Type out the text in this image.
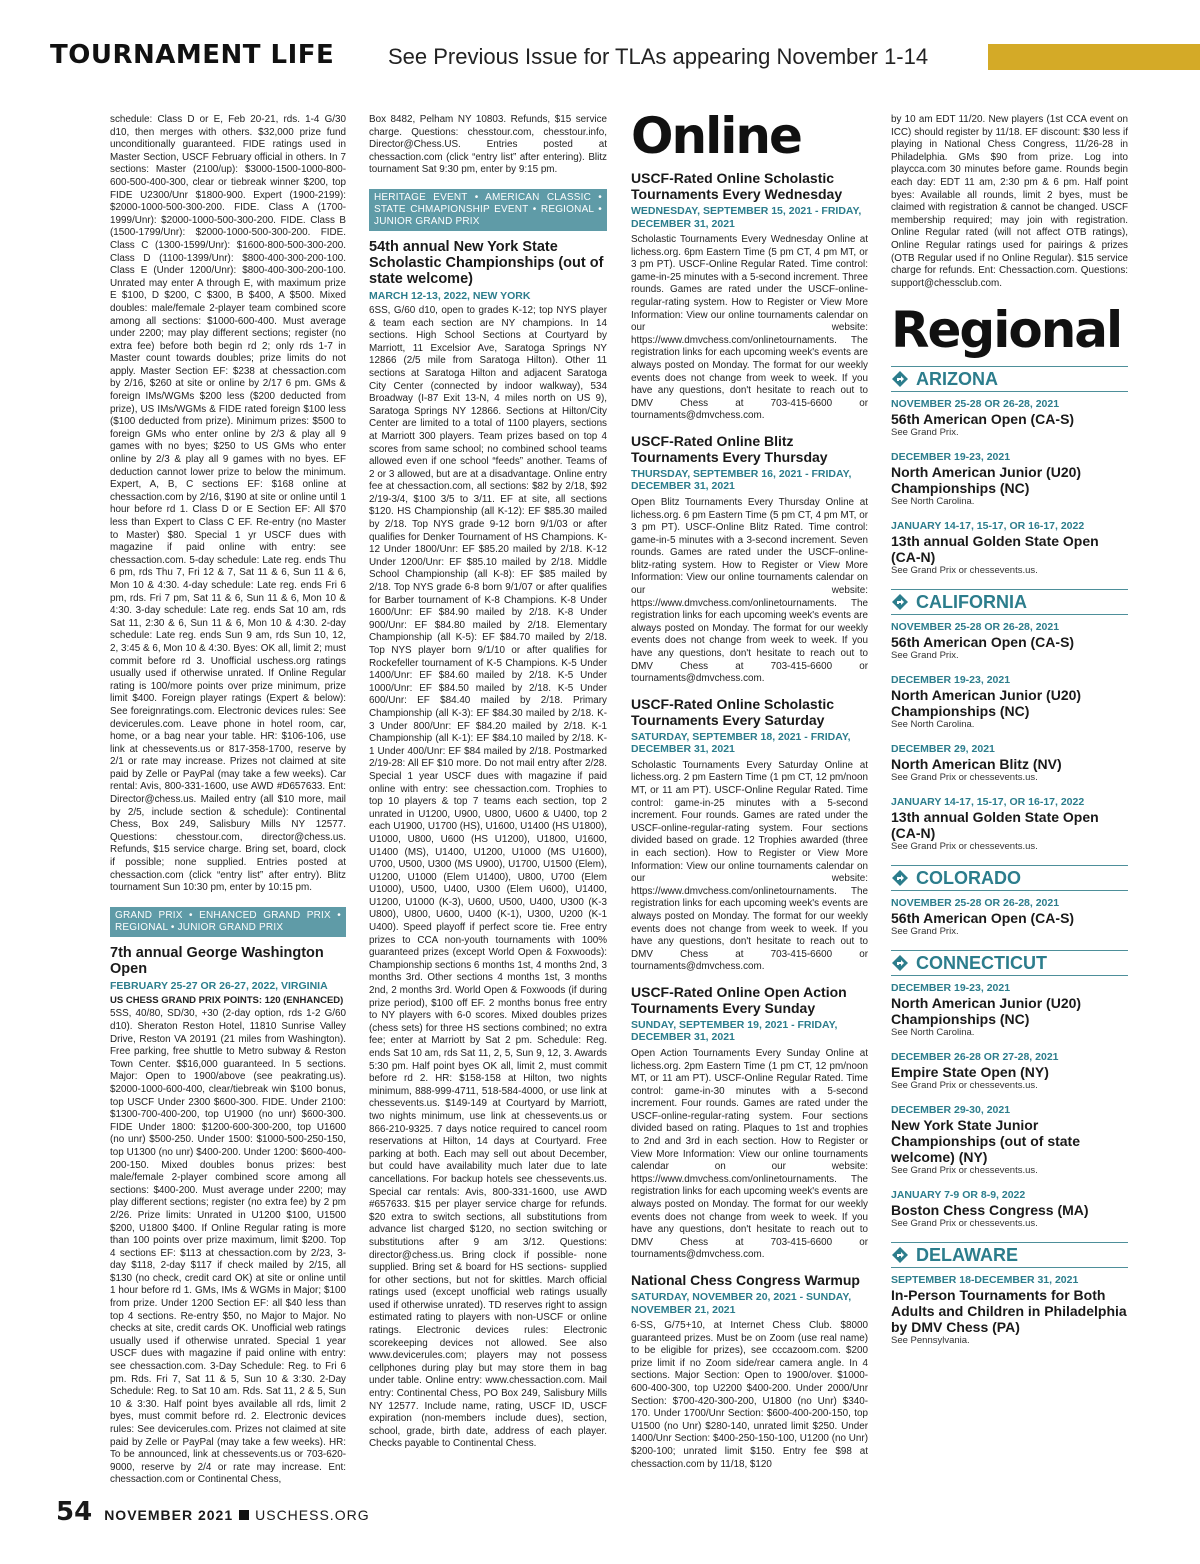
TOURNAMENT LIFE See Previous Issue for TLAs appearing November 1-14
schedule: Class D or E, Feb 20-21, rds. 1-4 G/30 d10, then merges with others. $32,000 prize fund unconditionally guaranteed. FIDE ratings used in Master Section, USCF February official in others. In 7 sections: Master (2100/up): $3000-1500-1000-800-600-500-400-300, clear or tiebreak winner $200, top FIDE U2300/Unr $1800-900. Expert (1900-2199): $2000-1000-500-300-200. FIDE. Class A (1700-1999/Unr): $2000-1000-500-300-200. FIDE. Class B (1500-1799/Unr): $2000-1000-500-300-200. FIDE. Class C (1300-1599/Unr): $1600-800-500-300-200. Class D (1100-1399/Unr): $800-400-300-200-100. Class E (Under 1200/Unr): $800-400-300-200-100. Unrated may enter A through E, with maximum prize E $100, D $200, C $300, B $400, A $500. Mixed doubles: male/female 2-player team combined score among all sections: $1000-600-400. Must average under 2200; may play different sections; register (no extra fee) before both begin rd 2; only rds 1-7 in Master count towards doubles; prize limits do not apply. Master Section EF: $238 at chessaction.com by 2/16, $260 at site or online by 2/17 6 pm. GMs & foreign IMs/WGMs $200 less ($200 deducted from prize), US IMs/WGMs & FIDE rated foreign $100 less ($100 deducted from prize). Minimum prizes: $500 to foreign GMs who enter online by 2/3 & play all 9 games with no byes; $250 to US GMs who enter online by 2/3 & play all 9 games with no byes. EF deduction cannot lower prize to below the minimum. Expert, A, B, C sections EF: $168 online at chessaction.com by 2/16, $190 at site or online until 1 hour before rd 1. Class D or E Section EF: All $70 less than Expert to Class C EF. Re-entry (no Master to Master) $80. Special 1 yr USCF dues with magazine if paid online with entry: see chessaction.com. 5-day schedule: Late reg. ends Thu 6 pm, rds Thu 7, Fri 12 & 7, Sat 11 & 6, Sun 11 & 6, Mon 10 & 4:30. 4-day schedule: Late reg. ends Fri 6 pm, rds. Fri 7 pm, Sat 11 & 6, Sun 11 & 6, Mon 10 & 4:30. 3-day schedule: Late reg. ends Sat 10 am, rds Sat 11, 2:30 & 6, Sun 11 & 6, Mon 10 & 4:30. 2-day schedule: Late reg. ends Sun 9 am, rds Sun 10, 12, 2, 3:45 & 6, Mon 10 & 4:30. Byes: OK all, limit 2; must commit before rd 3. Unofficial uschess.org ratings usually used if otherwise unrated. If Online Regular rating is 100/more points over prize minimum, prize limit $400. Foreign player ratings (Expert & below): See foreignratings.com. Electronic devices rules: See devicerules.com. Leave phone in hotel room, car, home, or a bag near your table. HR: $106-106, use link at chessevents.us or 817-358-1700, reserve by 2/1 or rate may increase. Prizes not claimed at site paid by Zelle or PayPal (may take a few weeks). Car rental: Avis, 800-331-1600, use AWD #D657633. Ent: Director@chess.us. Mailed entry (all $10 more, mail by 2/5, include section & schedule): Continental Chess, Box 249, Salisbury Mills NY 12577. Questions: chesstour.com, director@chess.us. Refunds, $15 service charge. Bring set, board, clock if possible; none supplied. Entries posted at chessaction.com (click “entry list” after entry). Blitz tournament Sun 10:30 pm, enter by 10:15 pm.
GRAND PRIX • ENHANCED GRAND PRIX • REGIONAL • JUNIOR GRAND PRIX
7th annual George Washington Open
FEBRUARY 25-27 OR 26-27, 2022, VIRGINIA
US CHESS GRAND PRIX POINTS: 120 (ENHANCED)
5SS, 40/80, SD/30, +30 (2-day option, rds 1-2 G/60 d10). Sheraton Reston Hotel, 11810 Sunrise Valley Drive, Reston VA 20191 (21 miles from Washington). Free parking, free shuttle to Metro subway & Reston Town Center. $$16,000 guaranteed. In 5 sections. Major: Open to 1900/above (see peakrating.us). $2000-1000-600-400, clear/tiebreak win $100 bonus, top USCF Under 2300 $600-300. FIDE. Under 2100: $1300-700-400-200, top U1900 (no unr) $600-300. FIDE Under 1800: $1200-600-300-200, top U1600 (no unr) $500-250. Under 1500: $1000-500-250-150, top U1300 (no unr) $400-200. Under 1200: $600-400-200-150. Mixed doubles bonus prizes: best male/female 2-player combined score among all sections: $400-200. Must average under 2200; may play different sections; register (no extra fee) by 2 pm 2/26. Prize limits: Unrated in U1200 $100, U1500 $200, U1800 $400. If Online Regular rating is more than 100 points over prize maximum, limit $200. Top 4 sections EF: $113 at chessaction.com by 2/23, 3-day $118, 2-day $117 if check mailed by 2/15, all $130 (no check, credit card OK) at site or online until 1 hour before rd 1. GMs, IMs & WGMs in Major; $100 from prize. Under 1200 Section EF: all $40 less than top 4 sections. Re-entry $50, no Major to Major. No checks at site, credit cards OK. Unofficial web ratings usually used if otherwise unrated. Special 1 year USCF dues with magazine if paid online with entry: see chessaction.com. 3-Day Schedule: Reg. to Fri 6 pm. Rds. Fri 7, Sat 11 & 5, Sun 10 & 3:30. 2-Day Schedule: Reg. to Sat 10 am. Rds. Sat 11, 2 & 5, Sun 10 & 3:30. Half point byes available all rds, limit 2 byes, must commit before rd. 2. Electronic devices rules: See devicerules.com. Prizes not claimed at site paid by Zelle or PayPal (may take a few weeks). HR: To be announced, link at chessevents.us or 703-620-9000, reserve by 2/4 or rate may increase. Ent: chessaction.com or Continental Chess,
Box 8482, Pelham NY 10803. Refunds, $15 service charge. Questions: chesstour.com, chesstour.info, Director@Chess.US. Entries posted at chessaction.com (click “entry list” after entering). Blitz tournament Sat 9:30 pm, enter by 9:15 pm.
HERITAGE EVENT • AMERICAN CLASSIC • STATE CHMAPIONSHIP EVENT • REGIONAL • JUNIOR GRAND PRIX
54th annual New York State Scholastic Championships (out of state welcome)
MARCH 12-13, 2022, NEW YORK
6SS, G/60 d10, open to grades K-12; top NYS player & team each section are NY champions. In 14 sections. High School Sections at Courtyard by Marriott, 11 Excelsior Ave, Saratoga Springs NY 12866 (2/5 mile from Saratoga Hilton). Other 11 sections at Saratoga Hilton and adjacent Saratoga City Center (connected by indoor walkway), 534 Broadway (I-87 Exit 13-N, 4 miles north on US 9), Saratoga Springs NY 12866. Sections at Hilton/City Center are limited to a total of 1100 players, sections at Marriott 300 players. Team prizes based on top 4 scores from same school; no combined school teams allowed even if one school “feeds” another. Teams of 2 or 3 allowed, but are at a disadvantage. Online entry fee at chessaction.com, all sections: $82 by 2/18, $92 2/19-3/4, $100 3/5 to 3/11. EF at site, all sections $120. HS Championship (all K-12): EF $85.30 mailed by 2/18. Top NYS grade 9-12 born 9/1/03 or after qualifies for Denker Tournament of HS Champions. K-12 Under 1800/Unr: EF $85.20 mailed by 2/18. K-12 Under 1200/Unr: EF $85.10 mailed by 2/18. Middle School Championship (all K-8): EF $85 mailed by 2/18. Top NYS grade 6-8 born 9/1/07 or after qualifies for Barber tournament of K-8 Champions. K-8 Under 1600/Unr: EF $84.90 mailed by 2/18. K-8 Under 900/Unr: EF $84.80 mailed by 2/18. Elementary Championship (all K-5): EF $84.70 mailed by 2/18. Top NYS player born 9/1/10 or after qualifies for Rockefeller tournament of K-5 Champions. K-5 Under 1400/Unr: EF $84.60 mailed by 2/18. K-5 Under 1000/Unr: EF $84.50 mailed by 2/18. K-5 Under 600/Unr: EF $84.40 mailed by 2/18. Primary Championship (all K-3): EF $84.30 mailed by 2/18. K-3 Under 800/Unr: EF $84.20 mailed by 2/18. K-1 Championship (all K-1): EF $84.10 mailed by 2/18. K-1 Under 400/Unr: EF $84 mailed by 2/18. Postmarked 2/19-28: All EF $10 more. Do not mail entry after 2/28. Special 1 year USCF dues with magazine if paid online with entry: see chessaction.com. Trophies to top 10 players & top 7 teams each section, top 2 unrated in U1200, U900, U800, U600 & U400, top 2 each U1900, U1700 (HS), U1600, U1400 (HS U1800), U1000, U800, U600 (HS U1200), U1800, U1600, U1400 (MS), U1400, U1200, U1000 (MS U1600), U700, U500, U300 (MS U900), U1700, U1500 (Elem), U1200, U1000 (Elem U1400), U800, U700 (Elem U1000), U500, U400, U300 (Elem U600), U1400, U1200, U1000 (K-3), U600, U500, U400, U300 (K-3 U800), U800, U600, U400 (K-1), U300, U200 (K-1 U400). Speed playoff if perfect score tie. Free entry prizes to CCA non-youth tournaments with 100% guaranteed prizes (except World Open & Foxwoods): Championship sections 6 months 1st, 4 months 2nd, 3 months 3rd. Other sections 4 months 1st, 3 months 2nd, 2 months 3rd. World Open & Foxwoods (if during prize period), $100 off EF. 2 months bonus free entry to NY players with 6-0 scores. Mixed doubles prizes (chess sets) for three HS sections combined; no extra fee; enter at Marriott by Sat 2 pm. Schedule: Reg. ends Sat 10 am, rds Sat 11, 2, 5, Sun 9, 12, 3. Awards 5:30 pm. Half point byes OK all, limit 2, must commit before rd 2. HR: $158-158 at Hilton, two nights minimum, 888-999-4711, 518-584-4000, or use link at chessevents.us. $149-149 at Courtyard by Marriott, two nights minimum, use link at chessevents.us or 866-210-9325. 7 days notice required to cancel room reservations at Hilton, 14 days at Courtyard. Free parking at both. Each may sell out about December, but could have availability much later due to late cancellations. For backup hotels see chessevents.us. Special car rentals: Avis, 800-331-1600, use AWD #657633. $15 per player service charge for refunds. $20 extra to switch sections, all substitutions from advance list charged $120, no section switching or substitutions after 9 am 3/12. Questions: director@chess.us. Bring clock if possible- none supplied. Bring set & board for HS sections- supplied for other sections, but not for skittles. March official ratings used (except unofficial web ratings usually used if otherwise unrated). TD reserves right to assign estimated rating to players with non-USCF or online ratings. Electronic devices rules: Electronic scorekeeping devices not allowed. See also www.devicerules.com; players may not possess cellphones during play but may store them in bag under table. Online entry: www.chessaction.com. Mail entry: Continental Chess, PO Box 249, Salisbury Mills NY 12577. Include name, rating, USCF ID, USCF expiration (non-members include dues), section, school, grade, birth date, address of each player. Checks payable to Continental Chess.
Online
USCF-Rated Online Scholastic Tournaments Every Wednesday
WEDNESDAY, SEPTEMBER 15, 2021 - FRIDAY, DECEMBER 31, 2021
Scholastic Tournaments Every Wednesday Online at lichess.org. 6pm Eastern Time (5 pm CT, 4 pm MT, or 3 pm PT). USCF-Online Regular Rated. Time control: game-in-25 minutes with a 5-second increment. Three rounds. Games are rated under the USCF-online-regular-rating system. How to Register or View More Information: View our online tournaments calendar on our website: https://www.dmvchess.com/onlinetournaments. The registration links for each upcoming week's events are always posted on Monday. The format for our weekly events does not change from week to week. If you have any questions, don't hesitate to reach out to DMV Chess at 703-415-6600 or tournaments@dmvchess.com.
USCF-Rated Online Blitz Tournaments Every Thursday
THURSDAY, SEPTEMBER 16, 2021 - FRIDAY, DECEMBER 31, 2021
Open Blitz Tournaments Every Thursday Online at lichess.org. 6 pm Eastern Time (5 pm CT, 4 pm MT, or 3 pm PT). USCF-Online Blitz Rated. Time control: game-in-5 minutes with a 3-second increment. Seven rounds. Games are rated under the USCF-online-blitz-rating system. How to Register or View More Information: View our online tournaments calendar on our website: https://www.dmvchess.com/onlinetournaments. The registration links for each upcoming week's events are always posted on Monday. The format for our weekly events does not change from week to week. If you have any questions, don't hesitate to reach out to DMV Chess at 703-415-6600 or tournaments@dmvchess.com.
USCF-Rated Online Scholastic Tournaments Every Saturday
SATURDAY, SEPTEMBER 18, 2021 - FRIDAY, DECEMBER 31, 2021
Scholastic Tournaments Every Saturday Online at lichess.org. 2 pm Eastern Time (1 pm CT, 12 pm/noon MT, or 11 am PT). USCF-Online Regular Rated. Time control: game-in-25 minutes with a 5-second increment. Four rounds. Games are rated under the USCF-online-regular-rating system. Four sections divided based on grade. 12 Trophies awarded (three in each section). How to Register or View More Information: View our online tournaments calendar on our website: https://www.dmvchess.com/onlinetournaments. The registration links for each upcoming week's events are always posted on Monday. The format for our weekly events does not change from week to week. If you have any questions, don't hesitate to reach out to DMV Chess at 703-415-6600 or tournaments@dmvchess.com.
USCF-Rated Online Open Action Tournaments Every Sunday
SUNDAY, SEPTEMBER 19, 2021 - FRIDAY, DECEMBER 31, 2021
Open Action Tournaments Every Sunday Online at lichess.org. 2pm Eastern Time (1 pm CT, 12 pm/noon MT, or 11 am PT). USCF-Online Regular Rated. Time control: game-in-30 minutes with a 5-second increment. Four rounds. Games are rated under the USCF-online-regular-rating system. Four sections divided based on rating. Plaques to 1st and trophies to 2nd and 3rd in each section. How to Register or View More Information: View our online tournaments calendar on our website: https://www.dmvchess.com/onlinetournaments. The registration links for each upcoming week's events are always posted on Monday. The format for our weekly events does not change from week to week. If you have any questions, don't hesitate to reach out to DMV Chess at 703-415-6600 or tournaments@dmvchess.com.
National Chess Congress Warmup
SATURDAY, NOVEMBER 20, 2021 - SUNDAY, NOVEMBER 21, 2021
6-SS, G/75+10, at Internet Chess Club. $8000 guaranteed prizes. Must be on Zoom (use real name) to be eligible for prizes), see cccazoom.com. $200 prize limit if no Zoom side/rear camera angle. In 4 sections. Major Section: Open to 1900/over. $1000-600-400-300, top U2200 $400-200. Under 2000/Unr Section: $700-420-300-200, U1800 (no Unr) $340-170. Under 1700/Unr Section: $600-400-200-150, top U1500 (no Unr) $280-140, unrated limit $250. Under 1400/Unr Section: $400-250-150-100, U1200 (no Unr) $200-100; unrated limit $150. Entry fee $98 at chessaction.com by 11/18, $120
by 10 am EDT 11/20. New players (1st CCA event on ICC) should register by 11/18. EF discount: $30 less if playing in National Chess Congress, 11/26-28 in Philadelphia. GMs $90 from prize. Log into playcca.com 30 minutes before game. Rounds begin each day: EDT 11 am, 2:30 pm & 6 pm. Half point byes: Available all rounds, limit 2 byes, must be claimed with registration & cannot be changed. USCF membership required; may join with registration. Online Regular rated (will not affect OTB ratings), Online Regular ratings used for pairings & prizes (OTB Regular used if no Online Regular). $15 service charge for refunds. Ent: Chessaction.com. Questions: support@chessclub.com.
Regional
ARIZONA
NOVEMBER 25-28 OR 26-28, 2021
56th American Open (CA-S)
See Grand Prix.
DECEMBER 19-23, 2021
North American Junior (U20) Championships (NC)
See North Carolina.
JANUARY 14-17, 15-17, OR 16-17, 2022
13th annual Golden State Open (CA-N)
See Grand Prix or chessevents.us.
CALIFORNIA
NOVEMBER 25-28 OR 26-28, 2021
56th American Open (CA-S)
See Grand Prix.
DECEMBER 19-23, 2021
North American Junior (U20) Championships (NC)
See North Carolina.
DECEMBER 29, 2021
North American Blitz (NV)
See Grand Prix or chessevents.us.
JANUARY 14-17, 15-17, OR 16-17, 2022
13th annual Golden State Open (CA-N)
See Grand Prix or chessevents.us.
COLORADO
NOVEMBER 25-28 OR 26-28, 2021
56th American Open (CA-S)
See Grand Prix.
CONNECTICUT
DECEMBER 19-23, 2021
North American Junior (U20) Championships (NC)
See North Carolina.
DECEMBER 26-28 OR 27-28, 2021
Empire State Open (NY)
See Grand Prix or chessevents.us.
DECEMBER 29-30, 2021
New York State Junior Championships (out of state welcome) (NY)
See Grand Prix or chessevents.us.
JANUARY 7-9 OR 8-9, 2022
Boston Chess Congress (MA)
See Grand Prix or chessevents.us.
DELAWARE
SEPTEMBER 18-DECEMBER 31, 2021
In-Person Tournaments for Both Adults and Children in Philadelphia by DMV Chess (PA)
See Pennsylvania.
54 NOVEMBER 2021 USCHESS.ORG
